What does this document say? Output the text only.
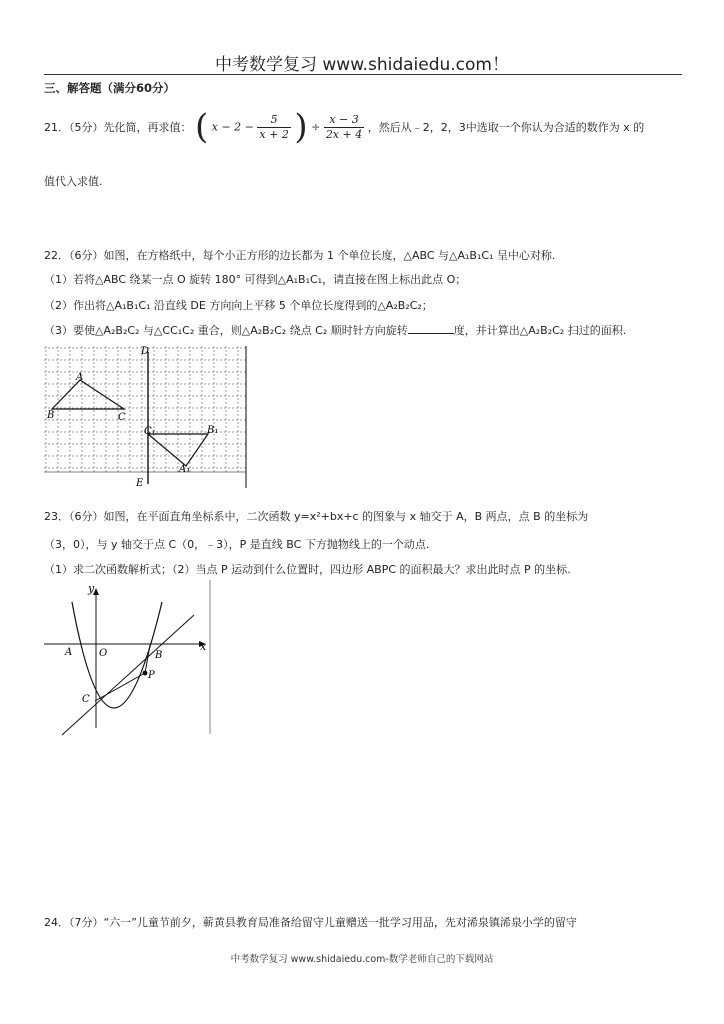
中考数学复习 www.shidaiedu.com！
三、解答题（满分60分）
21．（5分）先化简，再求值： ( $x - 2 - \frac{5}{x + 2}$ ) ÷ $\frac{x - 3}{2x + 4}$ ，然后从﹣2，2，3中选取一个你认为合适的数作为 x 的
值代入求值.
22．（6分）如图，在方格纸中，每个小正方形的边长都为 1 个单位长度，△ABC 与△A₁B₁C₁ 呈中心对称.
（1）若将△ABC 绕某一点 O 旋转 180° 可得到△A₁B₁C₁，请直接在图上标出此点 O；
（2）作出将△A₁B₁C₁ 沿直线 DE 方向向上平移 5 个单位长度得到的△A₂B₂C₂；
（3）要使△A₂B₂C₂ 与△CC₁C₂ 重合，则△A₂B₂C₂ 绕点 C₂ 顺时针方向旋转	度，并计算出△A₂B₂C₂ 扫过的面积.
D
E
A
B	C
C₁	B₁
A₁
23．（6分）如图，在平面直角坐标系中，二次函数 y=x²+bx+c 的图象与 x 轴交于 A，B 两点，点 B 的坐标为
（3，0），与 y 轴交于点 C（0，﹣3），P 是直线 BC 下方抛物线上的一个动点.
（1）求二次函数解析式；（2）当点 P 运动到什么位置时，四边形 ABPC 的面积最大？求出此时点 P 的坐标.
y
x
A	O	B
C
P
24．（7分）“六一”儿童节前夕，蕲黄县教育局准备给留守儿童赠送一批学习用品，先对浠泉镇浠泉小学的留守
中考数学复习 www.shidaiedu.com-数学老师自己的下载网站
